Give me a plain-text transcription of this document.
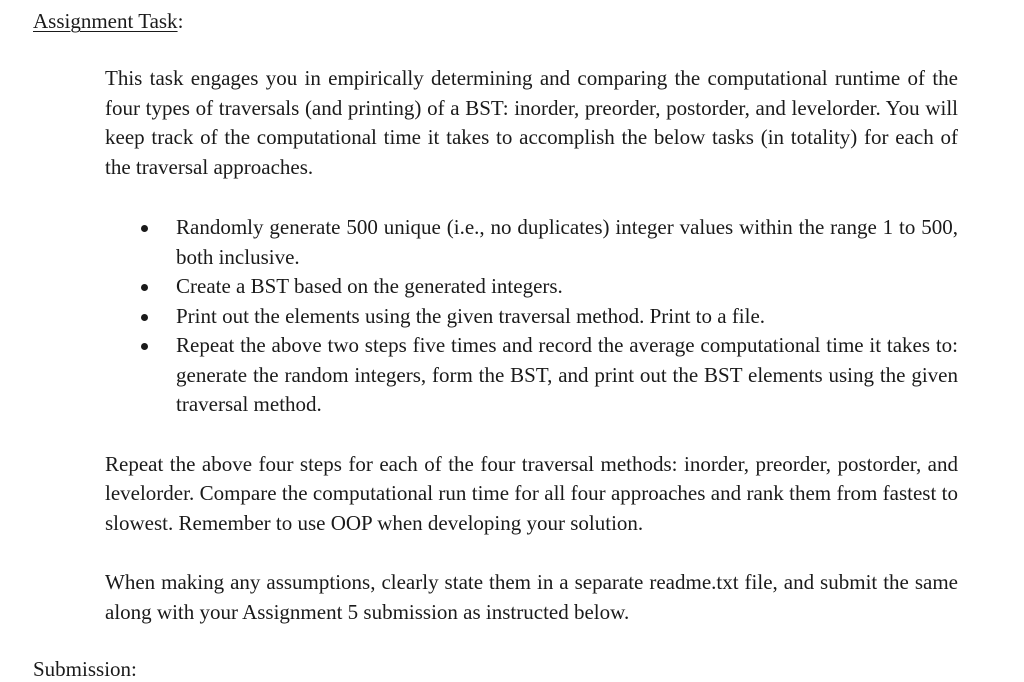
Assignment Task:

This task engages you in empirically determining and comparing the computational runtime of the four types of traversals (and printing) of a BST: inorder, preorder, postorder, and levelorder. You will keep track of the computational time it takes to accomplish the below tasks (in totality) for each of the traversal approaches.

Randomly generate 500 unique (i.e., no duplicates) integer values within the range 1 to 500, both inclusive.
Create a BST based on the generated integers.
Print out the elements using the given traversal method. Print to a file.
Repeat the above two steps five times and record the average computational time it takes to: generate the random integers, form the BST, and print out the BST elements using the given traversal method.

Repeat the above four steps for each of the four traversal methods: inorder, preorder, postorder, and levelorder. Compare the computational run time for all four approaches and rank them from fastest to slowest. Remember to use OOP when developing your solution.

When making any assumptions, clearly state them in a separate readme.txt file, and submit the same along with your Assignment 5 submission as instructed below.

Submission:
